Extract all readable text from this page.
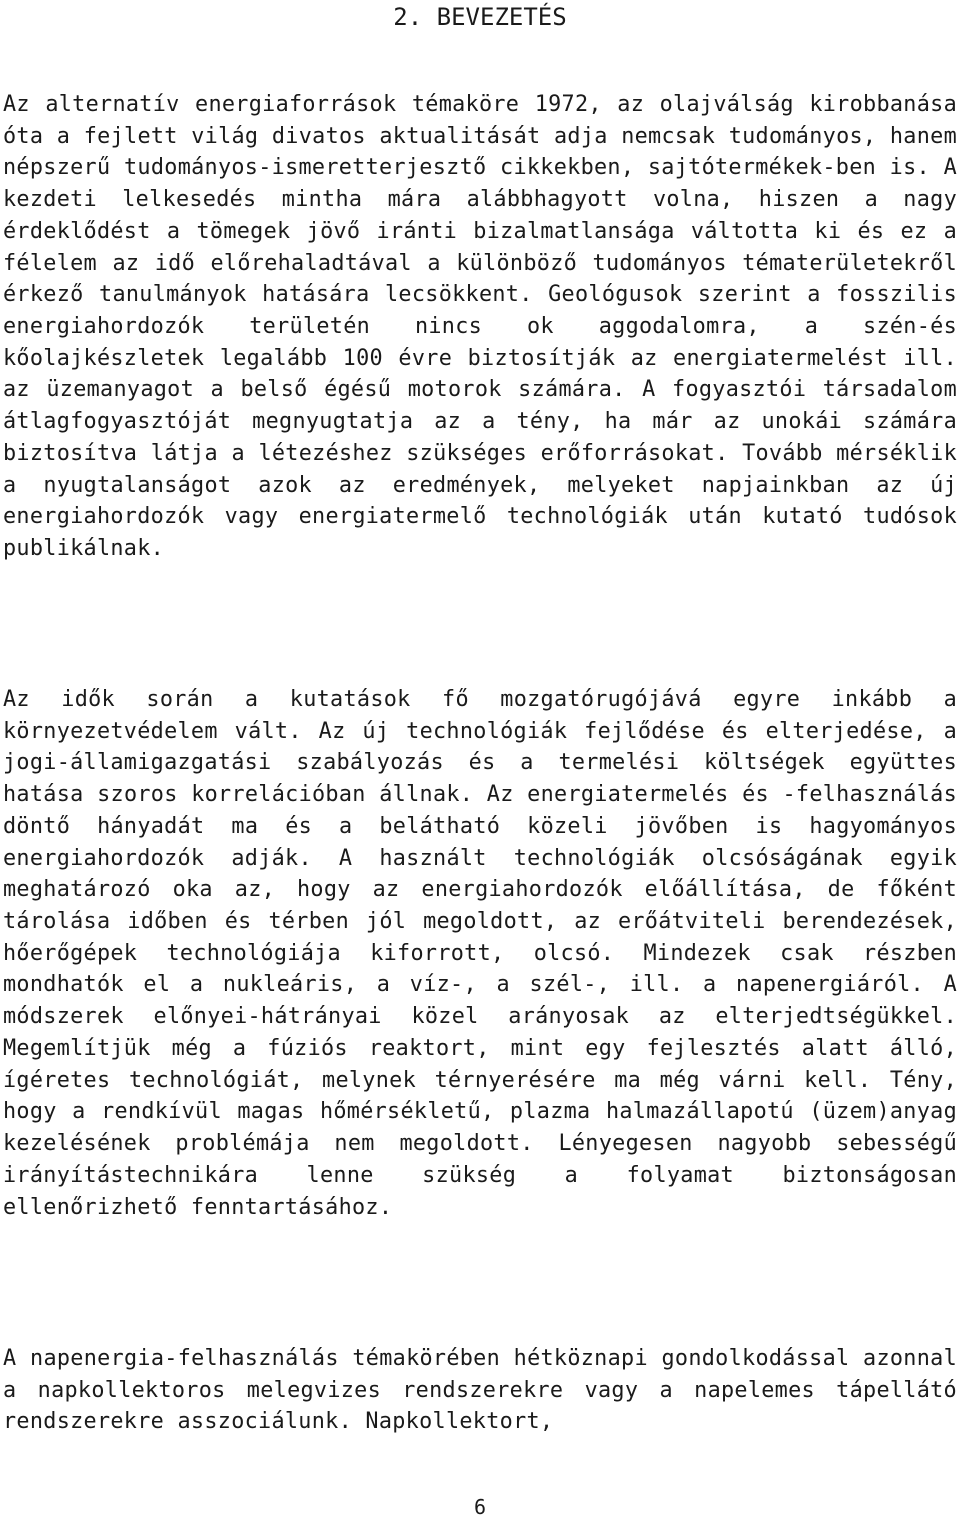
2. BEVEZETÉS

Az alternatív energiaforrások témaköre 1972, az olajválság kirobbanása óta a fejlett világ divatos aktualitását adja nemcsak tudományos, hanem népszerű tudományos-ismeretterjesztő cikkekben, sajtótermékek-ben is. A kezdeti lelkesedés mintha mára alábbhagyott volna, hiszen a nagy érdeklődést a tömegek jövő iránti bizalmatlansága váltotta ki és ez a félelem az idő előrehaladtával a különböző tudományos tématerületekről érkező tanulmányok hatására lecsökkent. Geológusok szerint a fosszilis energiahordozók területén nincs ok aggodalomra, a szén-és kőolajkészletek legalább 100 évre biztosítják az energiatermelést ill. az üzemanyagot a belső égésű motorok számára. A fogyasztói társadalom átlagfogyasztóját megnyugtatja az a tény, ha már az unokái számára biztosítva látja a létezéshez szükséges erőforrásokat. Tovább mérséklik a nyugtalanságot azok az eredmények, melyeket napjainkban az új energiahordozók vagy energiatermelő technológiák után kutató tudósok publikálnak.

Az idők során a kutatások fő mozgatórugójává egyre inkább a környezetvédelem vált. Az új technológiák fejlődése és elterjedése, a jogi-államigazgatási szabályozás és a termelési költségek együttes hatása szoros korrelációban állnak. Az energiatermelés és -felhasználás döntő hányadát ma és a belátható közeli jövőben is hagyományos energiahordozók adják. A használt technológiák olcsóságának egyik meghatározó oka az, hogy az energiahordozók előállítása, de főként tárolása időben és térben jól megoldott, az erőátviteli berendezések, hőerőgépek technológiája kiforrott, olcsó. Mindezek csak részben mondhatók el a nukleáris, a víz-, a szél-, ill. a napenergiáról. A módszerek előnyei-hátrányai közel arányosak az elterjedtségükkel. Megemlítjük még a fúziós reaktort, mint egy fejlesztés alatt álló, ígéretes technológiát, melynek térnyerésére ma még várni kell. Tény, hogy a rendkívül magas hőmérsékletű, plazma halmazállapotú (üzem)anyag kezelésének problémája nem megoldott. Lényegesen nagyobb sebességű irányítástechnikára lenne szükség a folyamat biztonságosan ellenőrizhető fenntartásához.

A napenergia-felhasználás témakörében hétköznapi gondolkodással azonnal a napkollektoros melegvizes rendszerekre vagy a napelemes tápellátó rendszerekre asszociálunk. Napkollektort,

6
